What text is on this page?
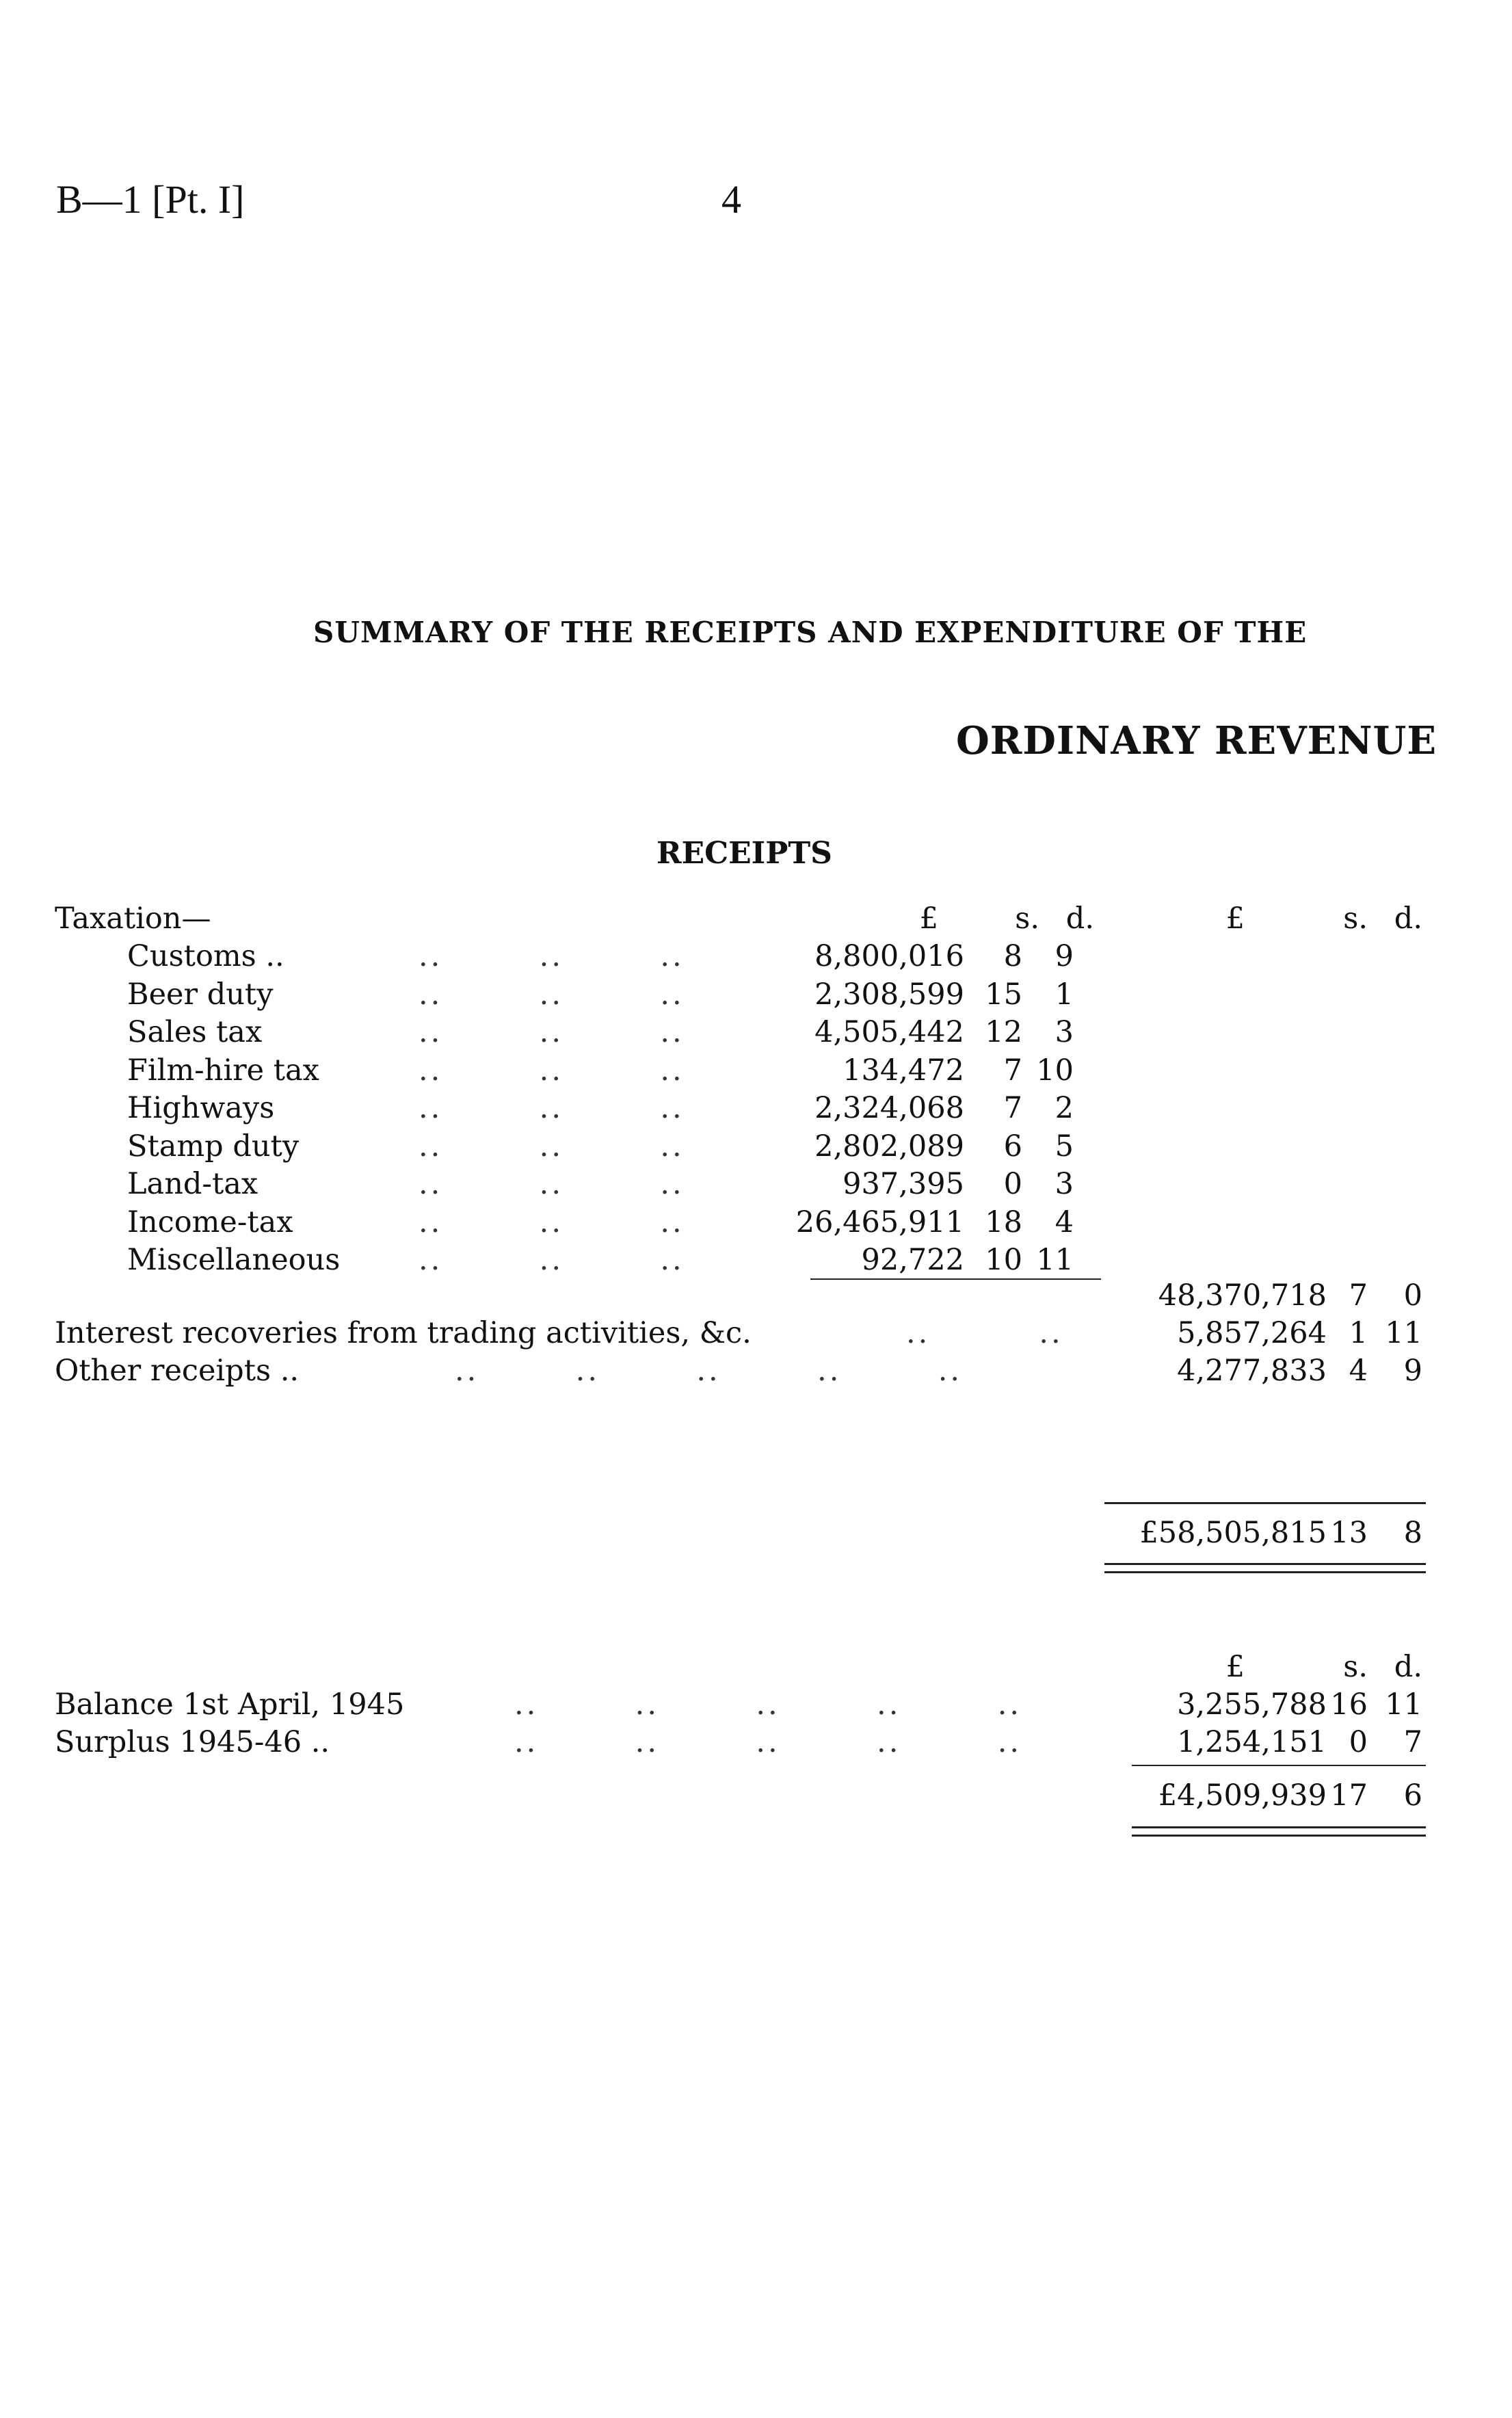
B—1 [Pt. I]	4
SUMMARY OF THE RECEIPTS AND EXPENDITURE OF THE
ORDINARY REVENUE
RECEIPTS
Taxation—	£	s. d.	£	s. d.
Customs ..	..        ..        ..	8,800,016	8	9
Beer duty	..        ..        ..	2,308,599 15	1
Sales tax	..        ..        ..	4,505,442 12	3
Film-hire tax	..        ..        ..	134,472	7 10
Highways	..        ..        ..	2,324,068	7	2
Stamp duty	..        ..        ..	2,802,089	6	5
Land-tax	..        ..        ..	937,395	0	3
Income-tax	..        ..        ..	26,465,911 18	4
Miscellaneous	..        ..        ..	92,722 10 11
48,370,718 7	0
Interest recoveries from trading activities, &c.	..         ..	5,857,264 1 11
Other receipts ..	..        ..        ..        ..        ..	4,277,833 4	9
£58,505,815 13	8
£	s. d.
Balance 1st April, 1945	..        ..        ..        ..        ..	3,255,788 16 11
Surplus 1945-46 ..	..        ..        ..        ..        ..	1,254,151 0	7
£4,509,939 17	6
